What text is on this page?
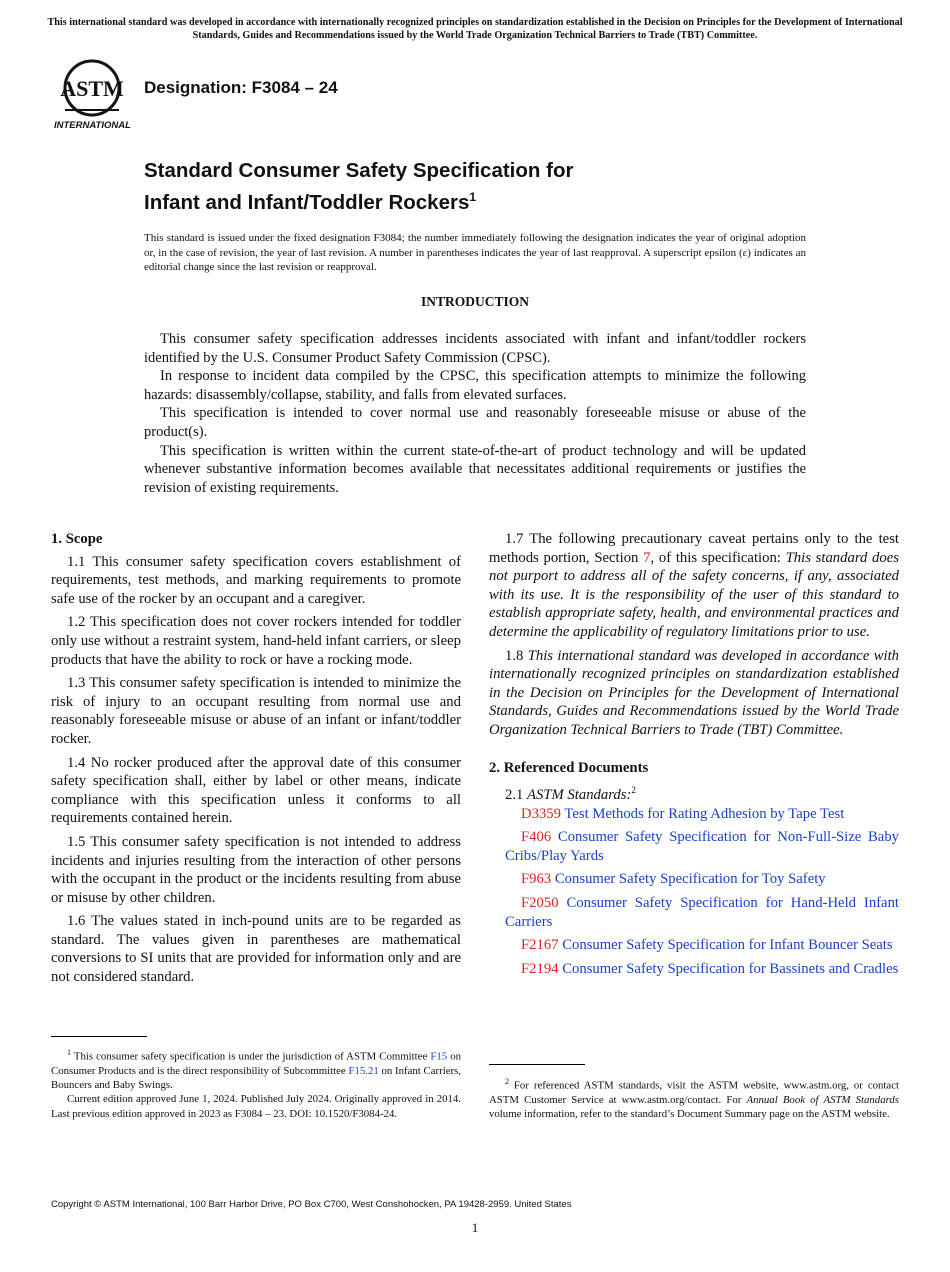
This international standard was developed in accordance with internationally recognized principles on standardization established in the Decision on Principles for the Development of International Standards, Guides and Recommendations issued by the World Trade Organization Technical Barriers to Trade (TBT) Committee.
ASTM
INTERNATIONAL
Designation: F3084 – 24
Standard Consumer Safety Specification for
Infant and Infant/Toddler Rockers$^1$
This standard is issued under the fixed designation F3084; the number immediately following the designation indicates the year of original adoption or, in the case of revision, the year of last revision. A number in parentheses indicates the year of last reapproval. A superscript epsilon (ε) indicates an editorial change since the last revision or reapproval.
INTRODUCTION

This consumer safety specification addresses incidents associated with infant and infant/toddler rockers identified by the U.S. Consumer Product Safety Commission (CPSC).

In response to incident data compiled by the CPSC, this specification attempts to minimize the following hazards: disassembly/collapse, stability, and falls from elevated surfaces.

This specification is intended to cover normal use and reasonably foreseeable misuse or abuse of the product(s).

This specification is written within the current state-of-the-art of product technology and will be updated whenever substantive information becomes available that necessitates additional requirements or justifies the revision of existing requirements.

1. Scope

1.1 This consumer safety specification covers establishment of requirements, test methods, and marking requirements to promote safe use of the rocker by an occupant and a caregiver.

1.2 This specification does not cover rockers intended for toddler only use without a restraint system, hand-held infant carriers, or sleep products that have the ability to rock or have a rocking mode.

1.3 This consumer safety specification is intended to minimize the risk of injury to an occupant resulting from normal use and reasonably foreseeable misuse or abuse of an infant or infant/toddler rocker.

1.4 No rocker produced after the approval date of this consumer safety specification shall, either by label or other means, indicate compliance with this specification unless it conforms to all requirements contained herein.

1.5 This consumer safety specification is not intended to address incidents and injuries resulting from the interaction of other persons with the occupant in the product or the incidents resulting from abuse or misuse by other children.

1.6 The values stated in inch-pound units are to be regarded as standard. The values given in parentheses are mathematical conversions to SI units that are provided for information only and are not considered standard.

$^1$ This consumer safety specification is under the jurisdiction of ASTM Committee F15 on Consumer Products and is the direct responsibility of Subcommittee F15.21 on Infant Carriers, Bouncers and Baby Swings.

Current edition approved June 1, 2024. Published July 2024. Originally approved in 2014. Last previous edition approved in 2023 as F3084 – 23. DOI: 10.1520/F3084-24.

1.7 The following precautionary caveat pertains only to the test methods portion, Section 7, of this specification: This standard does not purport to address all of the safety concerns, if any, associated with its use. It is the responsibility of the user of this standard to establish appropriate safety, health, and environmental practices and determine the applicability of regulatory limitations prior to use.

1.8 This international standard was developed in accordance with internationally recognized principles on standardization established in the Decision on Principles for the Development of International Standards, Guides and Recommendations issued by the World Trade Organization Technical Barriers to Trade (TBT) Committee.

2. Referenced Documents

2.1 ASTM Standards:$^2$

D3359 Test Methods for Rating Adhesion by Tape Test

F406 Consumer Safety Specification for Non-Full-Size Baby Cribs/Play Yards

F963 Consumer Safety Specification for Toy Safety

F2050 Consumer Safety Specification for Hand-Held Infant Carriers

F2167 Consumer Safety Specification for Infant Bouncer Seats

F2194 Consumer Safety Specification for Bassinets and Cradles

$^2$ For referenced ASTM standards, visit the ASTM website, www.astm.org, or contact ASTM Customer Service at www.astm.org/contact. For Annual Book of ASTM Standards volume information, refer to the standard’s Document Summary page on the ASTM website.

Copyright © ASTM International, 100 Barr Harbor Drive, PO Box C700, West Conshohocken, PA 19428-2959. United States
1
